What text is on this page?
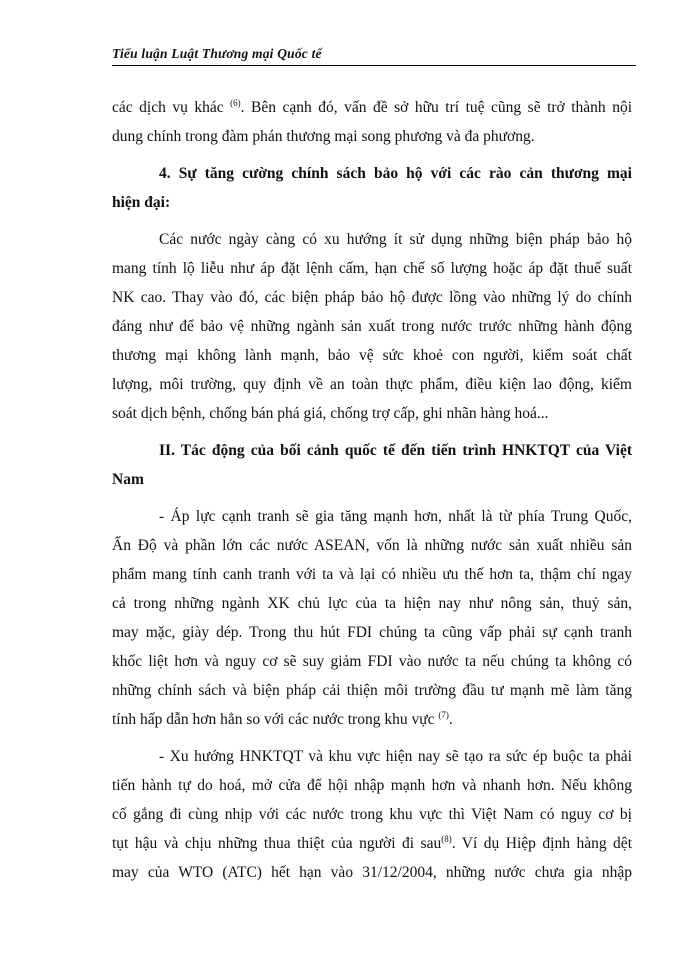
Tiểu luận Luật Thương mại Quốc tế
các dịch vụ khác $^{(6)}$. Bên cạnh đó, vấn đề sở hữu trí tuệ cũng sẽ trở thành nội
dung chính trong đàm phán thương mại song phương và đa phương.
4. Sự tăng cường chính sách bảo hộ với các rào cản thương mại
hiện đại:
Các nước ngày càng có xu hướng ít sử dụng những biện pháp bảo hộ
mang tính lộ liễu như áp đặt lệnh cấm, hạn chế số lượng hoặc áp đặt thuế suất
NK cao. Thay vào đó, các biện pháp bảo hộ được lồng vào những lý do chính
đáng như để bảo vệ những ngành sản xuất trong nước trước những hành động
thương mại không lành mạnh, bảo vệ sức khoẻ con người, kiểm soát chất
lượng, môi trường, quy định về an toàn thực phẩm, điều kiện lao động, kiểm
soát dịch bệnh, chống bán phá giá, chống trợ cấp, ghi nhãn hàng hoá...
II. Tác động của bối cảnh quốc tế đến tiến trình HNKTQT của Việt
Nam
- Áp lực cạnh tranh sẽ gia tăng mạnh hơn, nhất là từ phía Trung Quốc,
Ấn Độ và phần lớn các nước ASEAN, vốn là những nước sản xuất nhiều sản
phẩm mang tính canh tranh với ta và lại có nhiều ưu thế hơn ta, thậm chí ngay
cả trong những ngành XK chủ lực của ta hiện nay như nông sản, thuỷ sản,
may mặc, giày dép. Trong thu hút FDI chúng ta cũng vấp phải sự cạnh tranh
khốc liệt hơn và nguy cơ sẽ suy giảm FDI vào nước ta nếu chúng ta không có
những chính sách và biện pháp cải thiện môi trường đầu tư mạnh mẽ làm tăng
tính hấp dẫn hơn hẳn so với các nước trong khu vực $^{(7)}$.
- Xu hướng HNKTQT và khu vực hiện nay sẽ tạo ra sức ép buộc ta phải
tiến hành tự do hoá, mở cửa để hội nhập mạnh hơn và nhanh hơn. Nếu không
cố gắng đi cùng nhịp với các nước trong khu vực thì Việt Nam có nguy cơ bị
tụt hậu và chịu những thua thiệt của người đi sau$^{(8)}$. Ví dụ Hiệp định hàng dệt
may của WTO (ATC) hết hạn vào 31/12/2004, những nước chưa gia nhập
